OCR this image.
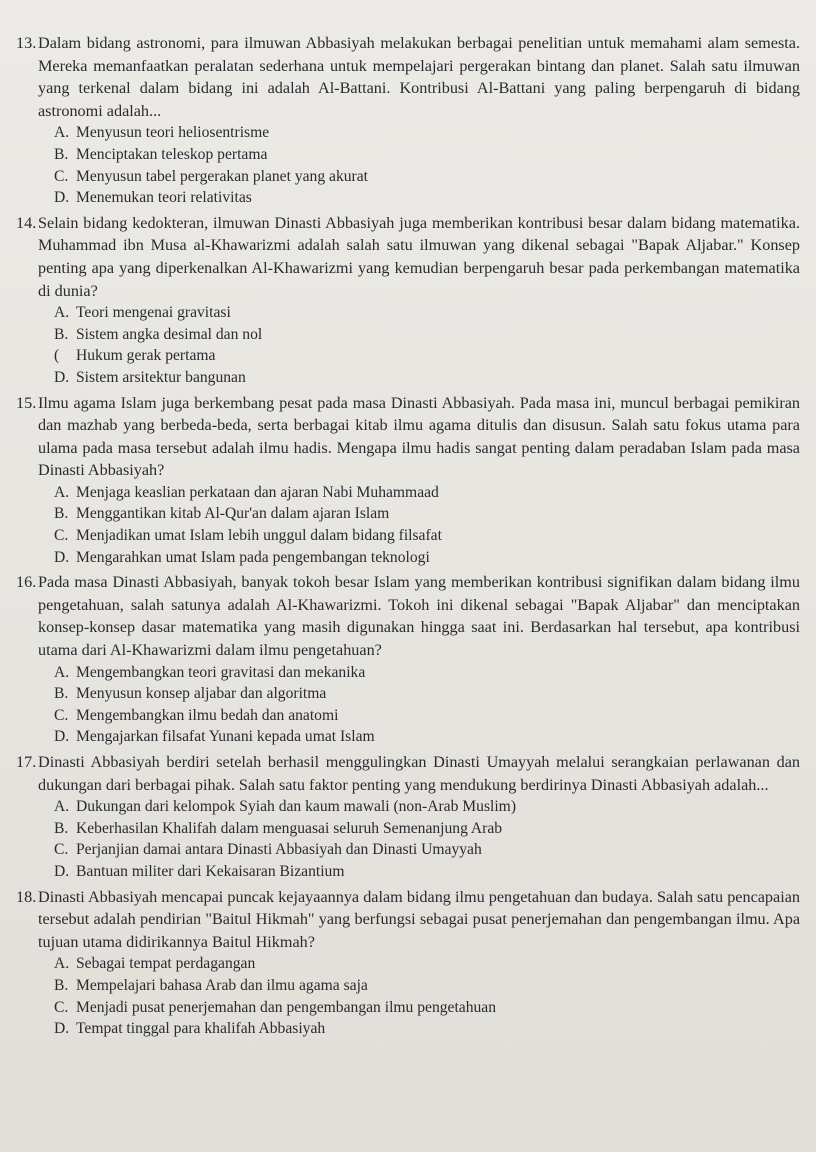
13. Dalam bidang astronomi, para ilmuwan Abbasiyah melakukan berbagai penelitian untuk memahami alam semesta. Mereka memanfaatkan peralatan sederhana untuk mempelajari pergerakan bintang dan planet. Salah satu ilmuwan yang terkenal dalam bidang ini adalah Al-Battani. Kontribusi Al-Battani yang paling berpengaruh di bidang astronomi adalah...
A. Menyusun teori heliosentrisme
B. Menciptakan teleskop pertama
C. Menyusun tabel pergerakan planet yang akurat
D. Menemukan teori relativitas
14. Selain bidang kedokteran, ilmuwan Dinasti Abbasiyah juga memberikan kontribusi besar dalam bidang matematika. Muhammad ibn Musa al-Khawarizmi adalah salah satu ilmuwan yang dikenal sebagai "Bapak Aljabar." Konsep penting apa yang diperkenalkan Al-Khawarizmi yang kemudian berpengaruh besar pada perkembangan matematika di dunia?
A. Teori mengenai gravitasi
B. Sistem angka desimal dan nol
(	Hukum gerak pertama
D. Sistem arsitektur bangunan
15. Ilmu agama Islam juga berkembang pesat pada masa Dinasti Abbasiyah. Pada masa ini, muncul berbagai pemikiran dan mazhab yang berbeda-beda, serta berbagai kitab ilmu agama ditulis dan disusun. Salah satu fokus utama para ulama pada masa tersebut adalah ilmu hadis. Mengapa ilmu hadis sangat penting dalam peradaban Islam pada masa Dinasti Abbasiyah?
A. Menjaga keaslian perkataan dan ajaran Nabi Muhammaad
B. Menggantikan kitab Al-Qur'an dalam ajaran Islam
C. Menjadikan umat Islam lebih unggul dalam bidang filsafat
D. Mengarahkan umat Islam pada pengembangan teknologi
16. Pada masa Dinasti Abbasiyah, banyak tokoh besar Islam yang memberikan kontribusi signifikan dalam bidang ilmu pengetahuan, salah satunya adalah Al-Khawarizmi. Tokoh ini dikenal sebagai "Bapak Aljabar" dan menciptakan konsep-konsep dasar matematika yang masih digunakan hingga saat ini. Berdasarkan hal tersebut, apa kontribusi utama dari Al-Khawarizmi dalam ilmu pengetahuan?
A. Mengembangkan teori gravitasi dan mekanika
B. Menyusun konsep aljabar dan algoritma
C. Mengembangkan ilmu bedah dan anatomi
D. Mengajarkan filsafat Yunani kepada umat Islam
17. Dinasti Abbasiyah berdiri setelah berhasil menggulingkan Dinasti Umayyah melalui serangkaian perlawanan dan dukungan dari berbagai pihak. Salah satu faktor penting yang mendukung berdirinya Dinasti Abbasiyah adalah...
A. Dukungan dari kelompok Syiah dan kaum mawali (non-Arab Muslim)
B. Keberhasilan Khalifah dalam menguasai seluruh Semenanjung Arab
C. Perjanjian damai antara Dinasti Abbasiyah dan Dinasti Umayyah
D. Bantuan militer dari Kekaisaran Bizantium
18. Dinasti Abbasiyah mencapai puncak kejayaannya dalam bidang ilmu pengetahuan dan budaya. Salah satu pencapaian tersebut adalah pendirian "Baitul Hikmah" yang berfungsi sebagai pusat penerjemahan dan pengembangan ilmu. Apa tujuan utama didirikannya Baitul Hikmah?
A. Sebagai tempat perdagangan
B. Mempelajari bahasa Arab dan ilmu agama saja
C. Menjadi pusat penerjemahan dan pengembangan ilmu pengetahuan
D. Tempat tinggal para khalifah Abbasiyah
